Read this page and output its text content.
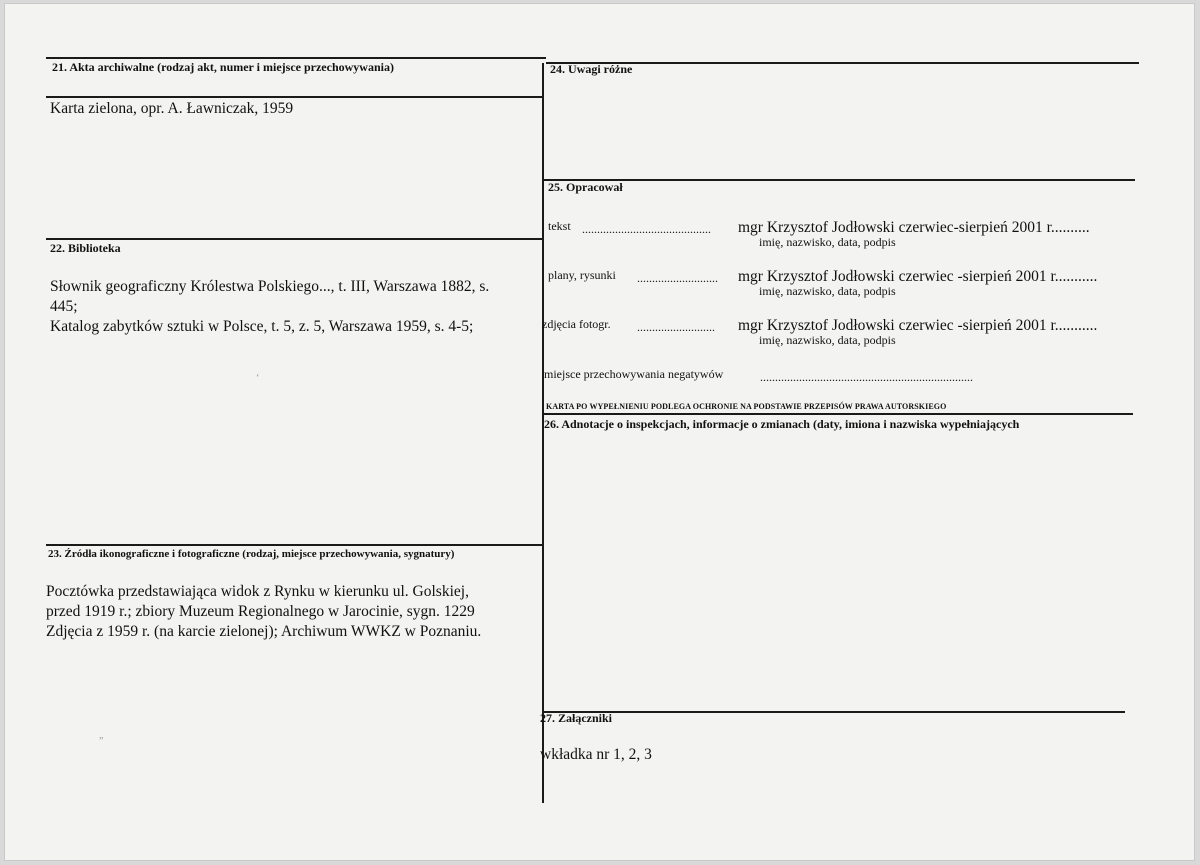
21. Akta archiwalne (rodzaj akt, numer i miejsce przechowywania)
Karta zielona, opr. A. Ławniczak, 1959
22. Biblioteka
Słownik geograficzny Królestwa Polskiego..., t. III, Warszawa 1882, s.
445;
Katalog zabytków sztuki w Polsce, t. 5, z. 5, Warszawa 1959, s. 4-5;
‘
23. Źródła ikonograficzne i fotograficzne (rodzaj, miejsce przechowywania, sygnatury)
Pocztówka przedstawiająca widok z Rynku w kierunku ul. Golskiej,
przed 1919 r.; zbiory Muzeum Regionalnego w Jarocinie, sygn. 1229
Zdjęcia z 1959 r. (na karcie zielonej); Archiwum WWKZ w Poznaniu.
”
24. Uwagi różne
25. Opracował
tekst ...........................................	mgr Krzysztof Jodłowski czerwiec-sierpień 2001 r..........
imię, nazwisko, data, podpis
plany, rysunki ...........................	mgr Krzysztof Jodłowski czerwiec -sierpień 2001 r...........
imię, nazwisko, data, podpis
zdjęcia fotogr. ..........................	mgr Krzysztof Jodłowski czerwiec -sierpień 2001 r...........
imię, nazwisko, data, podpis
miejsce przechowywania negatywów	.......................................................................
KARTA PO WYPEŁNIENIU PODLEGA OCHRONIE NA PODSTAWIE PRZEPISÓW PRAWA AUTORSKIEGO
26. Adnotacje o inspekcjach, informacje o zmianach (daty, imiona i nazwiska wypełniających
27. Załączniki
wkładka nr 1, 2, 3
